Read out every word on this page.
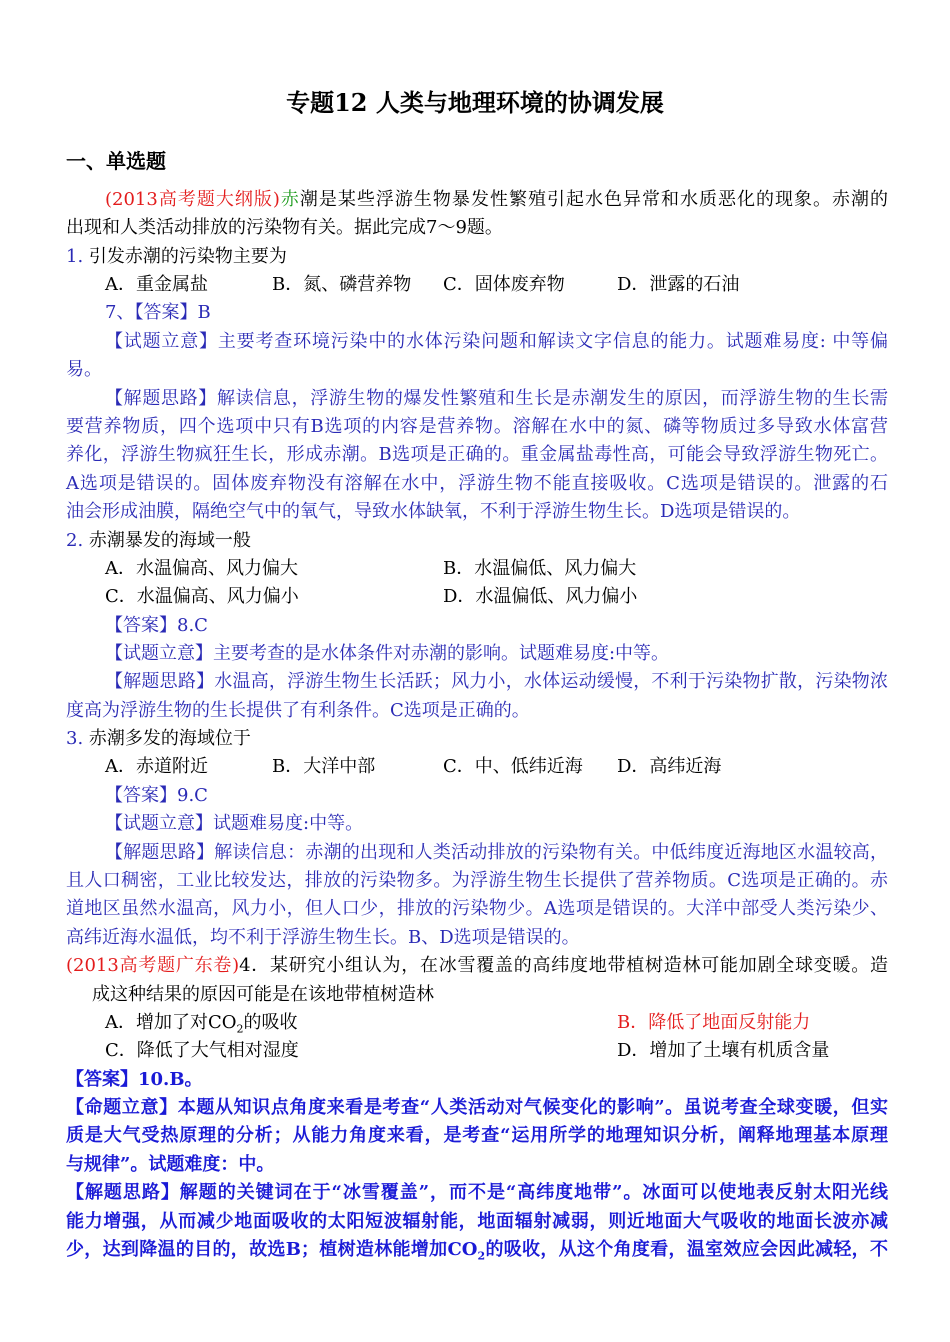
专题12 人类与地理环境的协调发展
一、单选题
(2013高考题大纲版)赤潮是某些浮游生物暴发性繁殖引起水色异常和水质恶化的现象。赤潮的
出现和人类活动排放的污染物有关。据此完成7～9题。
1. 引发赤潮的污染物主要为
A．重金属盐	B．氮、磷营养物 C．固体废弃物	D．泄露的石油
7、【答案】B
【试题立意】主要考查环境污染中的水体污染问题和解读文字信息的能力。试题难易度: 中等偏
易。
【解题思路】解读信息，浮游生物的爆发性繁殖和生长是赤潮发生的原因，而浮游生物的生长需
要营养物质，四个选项中只有B选项的内容是营养物。溶解在水中的氮、磷等物质过多导致水体富营
养化，浮游生物疯狂生长，形成赤潮。B选项是正确的。重金属盐毒性高，可能会导致浮游生物死亡。
A选项是错误的。固体废弃物没有溶解在水中，浮游生物不能直接吸收。C选项是错误的。泄露的石
油会形成油膜，隔绝空气中的氧气，导致水体缺氧，不利于浮游生物生长。D选项是错误的。
2. 赤潮暴发的海域一般
A．水温偏高、风力偏大	B．水温偏低、风力偏大
C．水温偏高、风力偏小	D．水温偏低、风力偏小
【答案】8.C
【试题立意】主要考查的是水体条件对赤潮的影响。试题难易度:中等。
【解题思路】水温高，浮游生物生长活跃；风力小，水体运动缓慢，不利于污染物扩散，污染物浓
度高为浮游生物的生长提供了有利条件。C选项是正确的。
3. 赤潮多发的海域位于
A．赤道附近	B．大洋中部	C．中、低纬近海 D．高纬近海
【答案】9.C
【试题立意】试题难易度:中等。
【解题思路】解读信息：赤潮的出现和人类活动排放的污染物有关。中低纬度近海地区水温较高，
且人口稠密，工业比较发达，排放的污染物多。为浮游生物生长提供了营养物质。C选项是正确的。赤
道地区虽然水温高，风力小，但人口少，排放的污染物少。A选项是错误的。大洋中部受人类污染少、
高纬近海水温低，均不利于浮游生物生长。B、D选项是错误的。
(2013高考题广东卷)4．某研究小组认为，在冰雪覆盖的高纬度地带植树造林可能加剧全球变暖。造
成这种结果的原因可能是在该地带植树造林
A．增加了对$CO_2$的吸收	B．降低了地面反射能力
C．降低了大气相对湿度	D．增加了土壤有机质含量
【答案】10.B。
【命题立意】本题从知识点角度来看是考查“人类活动对气候变化的影响”。虽说考查全球变暖，但实
质是大气受热原理的分析；从能力角度来看，是考查“运用所学的地理知识分析，阐释地理基本原理
与规律”。试题难度：中。
【解题思路】解题的关键词在于“冰雪覆盖”，而不是“高纬度地带”。冰面可以使地表反射太阳光线
能力增强，从而减少地面吸收的太阳短波辐射能，地面辐射减弱，则近地面大气吸收的地面长波亦减
少，达到降温的目的，故选B；植树造林能增加$CO_2$的吸收，从这个角度看，温室效应会因此减轻，不
